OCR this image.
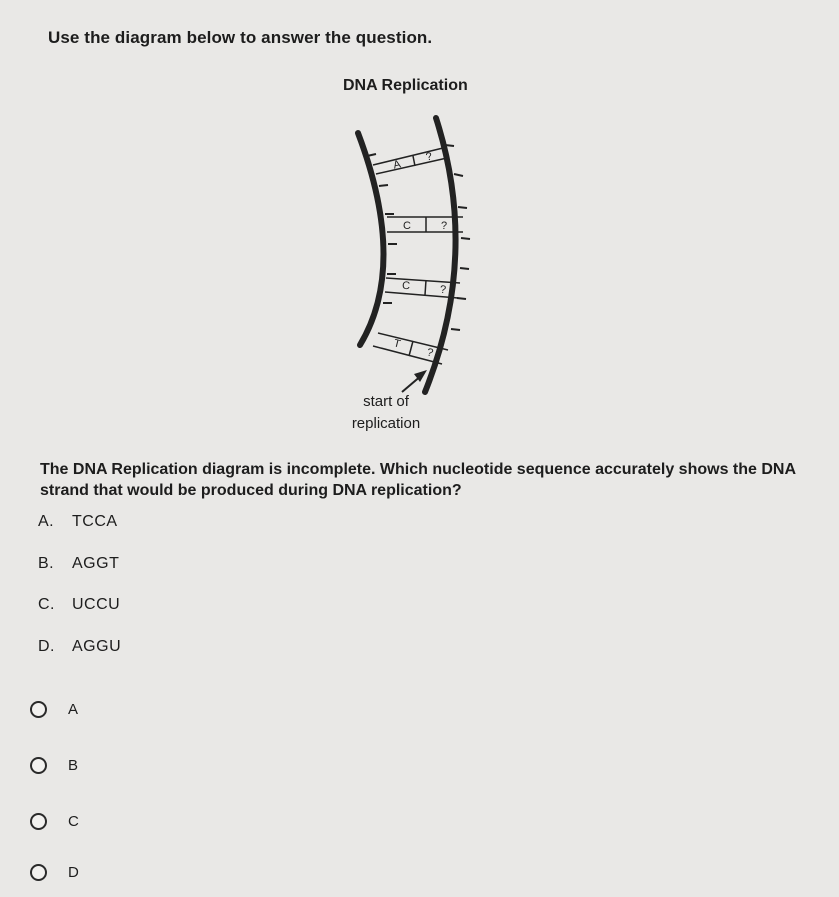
Use the diagram below to answer the question.
DNA Replication
A
?
C	?
C	?
T
?
start of
replication
The DNA Replication diagram is incomplete. Which nucleotide sequence accurately shows the DNA strand that would be produced during DNA replication?
A. TCCA
B. AGGT
C. UCCU
D. AGGU
A
B
C
D
